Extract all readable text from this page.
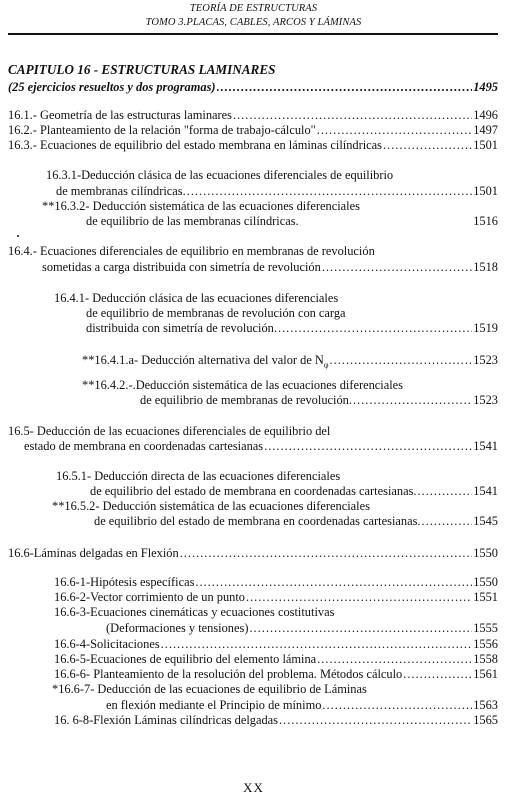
TEORÍA DE ESTRUCTURAS
TOMO 3.PLACAS, CABLES, ARCOS Y LÁMINAS
CAPITULO 16 - ESTRUCTURAS LAMINARES
(25 ejercicios resueltos y dos programas) .....	1495
16.1.- Geometría de las estructuras laminares .....	1496
16.2.- Planteamiento de la relación "forma de trabajo-cálculo" .....	1497
16.3.- Ecuaciones de equilibrio del estado membrana en láminas cilíndricas .....	1501
16.3.1-Deducción clásica de las ecuaciones diferenciales de equilibrio
de membranas cilíndricas. .....	1501
**16.3.2- Deducción sistemática de las ecuaciones diferenciales
de equilibrio de las membranas cilíndricas.	1516
16.4.- Ecuaciones diferenciales de equilibrio en membranas de revolución
sometidas a carga distribuida con simetría de revolución .....	1518
16.4.1- Deducción clásica de las ecuaciones diferenciales
de equilibrio de membranas de revolución con carga
distribuida con simetría de revolución. .....	1519
**16.4.1.a- Deducción alternativa del valor de $N_\varphi$ .....	1523
**16.4.2.-.Deducción sistemática de las ecuaciones diferenciales
de equilibrio de membranas de revolución. .....	1523
16.5- Deducción de las ecuaciones diferenciales de equilibrio del
estado de membrana en coordenadas cartesianas .....	1541
16.5.1- Deducción directa de las ecuaciones diferenciales
de equilibrio del estado de membrana en coordenadas cartesianas. .....	1541
**16.5.2- Deducción sistemática de las ecuaciones diferenciales
de equilibrio del estado de membrana en coordenadas cartesianas. .....	1545
16.6-Láminas delgadas en Flexión .....	1550
16.6-1-Hipótesis específicas .....	1550
16.6-2-Vector corrimiento de un punto .....	1551
16.6-3-Ecuaciones cinemáticas y ecuaciones costitutivas
(Deformaciones y tensiones) .....	1555
16.6-4-Solicitaciones .....	1556
16.6-5-Ecuaciones de equilibrio del elemento lámina .....	1558
16.6-6- Planteamiento de la resolución del problema. Métodos cálculo .....	1561
*16.6-7- Deducción de las ecuaciones de equilibrio de Láminas
en flexión mediante el Principio de mínimo .....	1563
16. 6-8-Flexión Láminas cilíndricas delgadas .....	1565
XX
